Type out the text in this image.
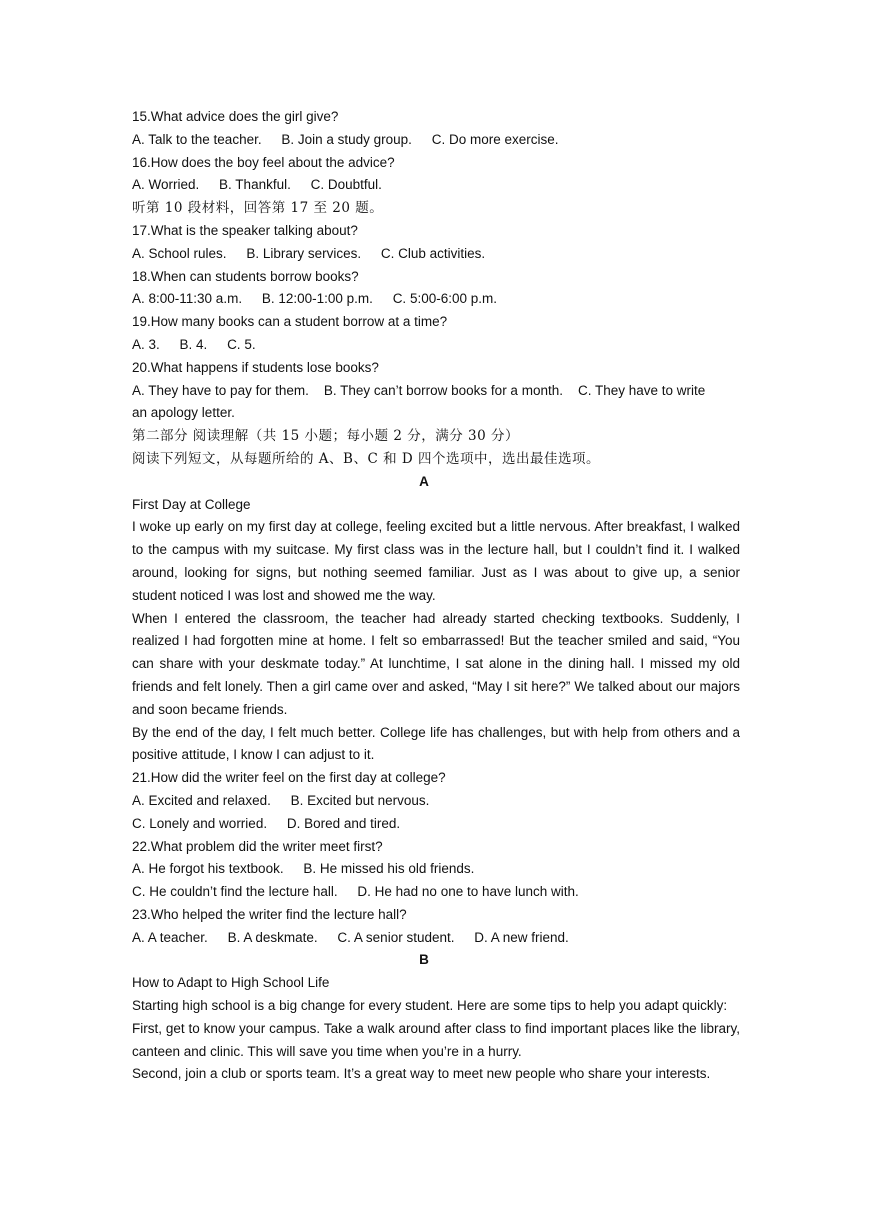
15.What advice does the girl give?
A. Talk to the teacher. B. Join a study group. C. Do more exercise.
16.How does the boy feel about the advice?
A. Worried. B. Thankful. C. Doubtful.
听第 10 段材料，回答第 17 至 20 题。
17.What is the speaker talking about?
A. School rules. B. Library services. C. Club activities.
18.When can students borrow books?
A. 8:00-11:30 a.m. B. 12:00-1:00 p.m. C. 5:00-6:00 p.m.
19.How many books can a student borrow at a time?
A. 3. B. 4. C. 5.
20.What happens if students lose books?
A. They have to pay for them.    B. They can’t borrow books for a month.    C. They have to write
an apology letter.
第二部分 阅读理解（共 15 小题；每小题 2 分，满分 30 分）
阅读下列短文，从每题所给的 A、B、C 和 D 四个选项中，选出最佳选项。
A
First Day at College
I woke up early on my first day at college, feeling excited but a little nervous. After breakfast, I walked to the campus with my suitcase. My first class was in the lecture hall, but I couldn’t find it. I walked around, looking for signs, but nothing seemed familiar. Just as I was about to give up, a senior student noticed I was lost and showed me the way.
When I entered the classroom, the teacher had already started checking textbooks. Suddenly, I realized I had forgotten mine at home. I felt so embarrassed! But the teacher smiled and said, “You can share with your deskmate today.” At lunchtime, I sat alone in the dining hall. I missed my old friends and felt lonely. Then a girl came over and asked, “May I sit here?” We talked about our majors and soon became friends.
By the end of the day, I felt much better. College life has challenges, but with help from others and a positive attitude, I know I can adjust to it.
21.How did the writer feel on the first day at college?
A. Excited and relaxed. B. Excited but nervous.
C. Lonely and worried. D. Bored and tired.
22.What problem did the writer meet first?
A. He forgot his textbook. B. He missed his old friends.
C. He couldn’t find the lecture hall. D. He had no one to have lunch with.
23.Who helped the writer find the lecture hall?
A. A teacher. B. A deskmate. C. A senior student. D. A new friend.
B
How to Adapt to High School Life
Starting high school is a big change for every student. Here are some tips to help you adapt quickly:
First, get to know your campus. Take a walk around after class to find important places like the library, canteen and clinic. This will save you time when you’re in a hurry.
Second, join a club or sports team. It’s a great way to meet new people who share your interests.
